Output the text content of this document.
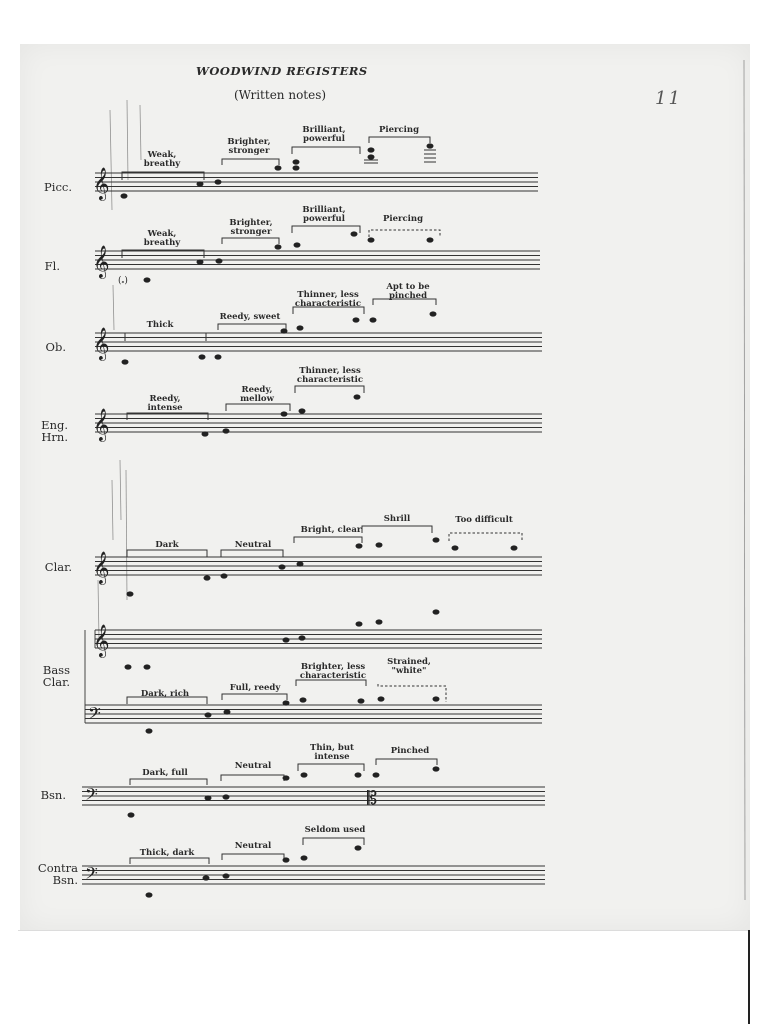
WOODWIND REGISTERS
(Written notes)	11
Picc.
Fl.
Ob.
Eng.
Hrn.
Clar.
Bass
Clar.
Bsn.
Contra
Bsn.
Weak,
breathy
Brighter,
stronger
Brilliant,
powerful
Piercing
Weak,
breathy
Brighter,
stronger
Brilliant,
powerful	Piercing
Thick
Reedy, sweet
Thinner, less
characteristic
Apt to be
pinched
Reedy,
intense
Reedy,
mellow
Thinner, less
characteristic
Dark	Neutral
Bright, clear
Shrill	Too difficult
Dark, rich
Full, reedy
Brighter, less
characteristic
Strained,
"white"
Dark, full
Neutral
Thin, but
intense
Pinched
Thick, dark
Neutral
Seldom used
𝄞
𝄞
𝄞
𝄞
𝄞
𝄞
𝄢
𝄢
𝄢
𝄡
(𝅗)
